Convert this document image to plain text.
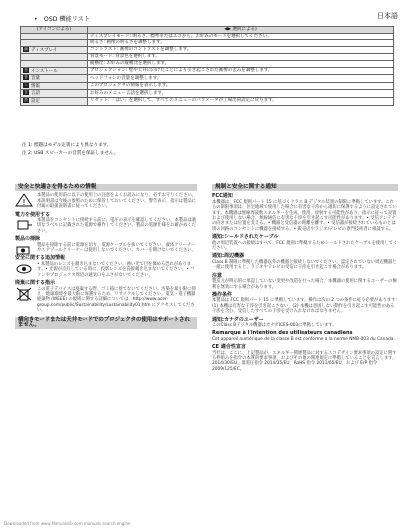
日本語
•　OSD 機能リスト
(アイコンによる)	◀▶ 選択による)
	ディスプレイモード: 明るさ、標準またはエコから、お好みのモードを選択してください。
	明るさ: 画像の明るさを調整します。
画 ディスプレイ	コントラスト: 画像のコントラストを調整します。
	背景モード: 背景色を選択します。
	縦横比: お好みの縦横比を選択します。
台 インストール	プロジェクション: 壁や天井に向けたことにより引き起こされた画像の歪みを調整します。
音 音量	ヘッドフォンの音量を調整します。
i 情報	このプロジェクタの情報を表示します。
言 言語	お好みのメニュー言語を選択します。
設 設定	リセット: 「はい」を選択して、すべてのメニューのパラメータが工場出荷設定に戻ります。
注 1: 標題はモデル定義により異なります。
注 2: USB スピーカーの音質を保証しません。
安全と快適さを得るための情報
!
本製品の使用前に以下の使用上の注意をよくお読みになり、必ずお守りください。本説明書は今後の参照のために保管しておいてください。警告表示、指示は製品に付属の取扱説明書に従ってください。
電力を使用する
本製品をコンセントに接続する前に、電圧の表示を確認してください。本製品は適切なラベルに記載された電源で操作してください。製品の電源仕様をお確かめください。
製品の掃除
製品を掃除する前に電源を切り、電源ケーブルを抜いてください。液体クリーナーやエアゾールクリーナーは使用しないでください。カバーを開けないでください。
安全に関する追加情報
• 本製品のレンズを覗き込まないでください。強い光で目を傷める恐れがあります。• 光源が点灯している時に、投影レンズを直接覗き込まないでください。• ファンやプロジェクタ周辺の通気口をふさがないでください。
廃棄に関する指示
この電子デバイスは廃棄する際、ゴミ箱に捨てないでください。汚染を最小限に抑え、地球環境を最大限に保護するため、リサイクルしてください。電気・電子機器廃棄物 (WEEE) の規則に関する詳細については、http://www.acer-group.com/public/Sustainability/sustainability01.htm にアクセスしてください。
横向きモードまたは天井モードでのプロジェクタの使用はサポートされません。
規制と安全に関する通知
FCC通知
本機器は、FCC 規則パート 15 に基づくクラス B デジタル装置の制限に準拠しています。これらの制限事項は、住宅地域で使用した場合に有害な干渉から適切に保護するように設定されています。本機器は無線周波数エネルギーを生成、使用、放射する可能性があり、指示に従って設置および使用しない場合、無線通信に有害な干渉を引き起こす可能性があります。• 受信アンテナの向きまたは位置を変える。• 機器と受信器の距離を離す。• 受信器が接続されているものとは別の回路のコンセントに機器を接続する。• 販売店やラジオ/テレビの専門技術者に相談する。
通知:シールドされたケーブル
他の周辺装置への接続はすべて、FCC 規則に準拠するためシールドされたケーブルを使用してください。
通知:周辺機器
Class B 制限に準拠した機器以外の機器と接続しないでください。認定されていない周辺機器と一緒に使用すると、ラジオやテレビの受信に干渉を引き起こす場合があります。
注意
製造元が明示的に承認していない変更や改造を行った場合、本機器の使用に関するユーザーの権利を無効にする場合があります。
操作条件
本製品は FCC 規則パート 15 に準拠しています。操作は次の 2 つの条件に従う必要があります:(1) 本機は有害な干渉を引き起こさない、(2) 本機は意図しない動作を引き起こす可能性のある干渉を含む、受信したすべての干渉を受け入れなければなりません。
通知:カナダのユーザー
このClass Bデジタル機器はカナダICES-003に準拠しています。
Remarque à l'intention des utilisateurs canadiens
Cet appareil numérique de la classe B est conforme a la norme NMB-003 du Canada.
CE 適合性宣言
当社は、ここに、上記製品が、エネルギー関連製品に対するエコデザイン要求事項の設定に関する枠組みを指令の本質的要求事項、およびその他の関連規定に準拠していることを宣言します。2014/30/EU、低電圧指令 2014/35/EU、RoHS 指令 2011/65/EU、および ErP 指令 2009/125/EC。
Downloaded from www.Manualslib.com manuals search engine
